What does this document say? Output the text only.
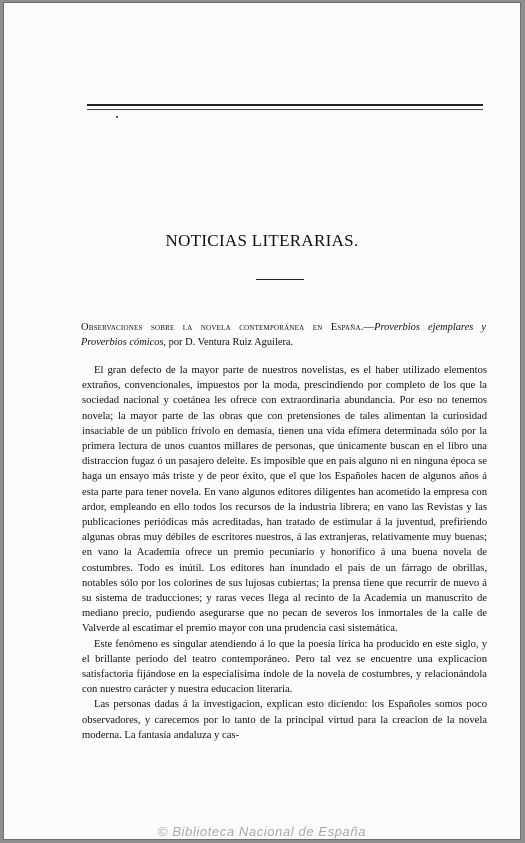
NOTICIAS LITERARIAS.
Observaciones sobre la novela contemporánea en España.—Proverbios ejemplares y Proverbios cómicos, por D. Ventura Ruiz Aguilera.

El gran defecto de la mayor parte de nuestros novelistas, es el haber utilizado elementos extraños, convencionales, impuestos por la moda, prescindiendo por completo de los que la sociedad nacional y coetánea les ofrece con extraordinaria abundancia. Por eso no tenemos novela; la mayor parte de las obras que con pretensiones de tales alimentan la curiosidad insaciable de un público frívolo en demasía, tienen una vida efímera determinada sólo por la primera lectura de unos cuantos millares de personas, que únicamente buscan en el libro una distraccion fugaz ó un pasajero deleite. Es imposible que en pais alguno ni en ninguna época se haga un ensayo más triste y de peor éxito, que el que los Españoles hacen de algunos años á esta parte para tener novela. En vano algunos editores diligentes han acometido la empresa con ardor, empleando en ello todos los recursos de la industria librera; en vano las Revistas y las publicaciones periódicas más acreditadas, han tratado de estimular á la juventud, prefiriendo algunas obras muy débiles de escritores nuestros, á las extranjeras, relativamente muy buenas; en vano la Academia ofrece un premio pecuniario y honorífico á una buena novela de costumbres. Todo es inútil. Los editores han inundado el pais de un fárrago de obrillas, notables sólo por los colorines de sus lujosas cubiertas; la prensa tiene que recurrir de nuevo á su sistema de traducciones; y raras veces llega al recinto de la Academia un manuscrito de mediano precio, pudiendo asegurarse que no pecan de severos los inmortales de la calle de Valverde al escatimar el premio mayor con una prudencia casi sistemática.

Este fenómeno es singular atendiendo á lo que la poesía lírica ha producido en este siglo, y el brillante periodo del teatro contemporáneo. Pero tal vez se encuentre una explicacion satisfactoria fijándose en la especialísima índole de la novela de costumbres, y relacionándola con nuestro carácter y nuestra educacion literaria.

Las personas dadas á la investigacion, explican esto diciendo: los Españoles somos poco observadores, y carecemos por lo tanto de la principal virtud para la creacion de la novela moderna. La fantasía andaluza y cas-

© Biblioteca Nacional de España
